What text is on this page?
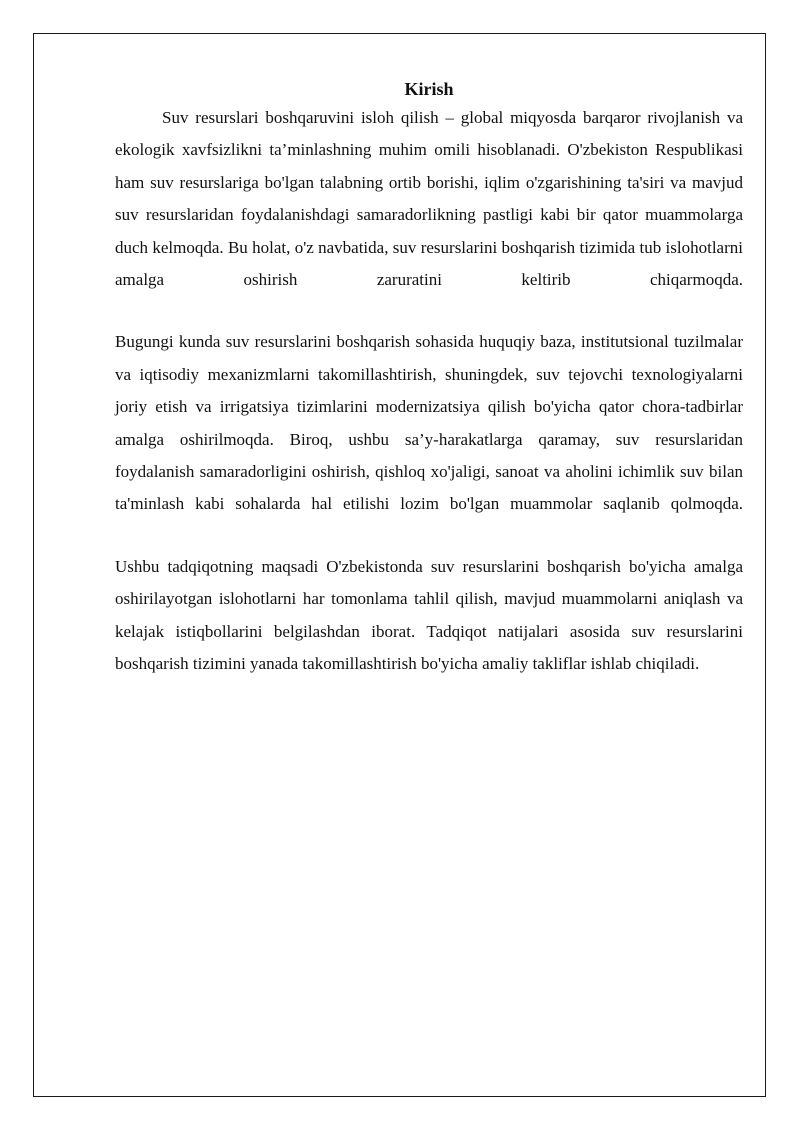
Kirish

Suv resurslari boshqaruvini isloh qilish – global miqyosda barqaror rivojlanish va ekologik xavfsizlikni ta’minlashning muhim omili hisoblanadi. O'zbekiston Respublikasi ham suv resurslariga bo'lgan talabning ortib borishi, iqlim o'zgarishining ta'siri va mavjud suv resurslaridan foydalanishdagi samaradorlikning pastligi kabi bir qator muammolarga duch kelmoqda. Bu holat, o'z navbatida, suv resurslarini boshqarish tizimida tub islohotlarni amalga oshirish zaruratini keltirib chiqarmoqda.

Bugungi kunda suv resurslarini boshqarish sohasida huquqiy baza, institutsional tuzilmalar va iqtisodiy mexanizmlarni takomillashtirish, shuningdek, suv tejovchi texnologiyalarni joriy etish va irrigatsiya tizimlarini modernizatsiya qilish bo'yicha qator chora-tadbirlar amalga oshirilmoqda. Biroq, ushbu sa’y-harakatlarga qaramay, suv resurslaridan foydalanish samaradorligini oshirish, qishloq xo'jaligi, sanoat va aholini ichimlik suv bilan ta'minlash kabi sohalarda hal etilishi lozim bo'lgan muammolar saqlanib qolmoqda.

Ushbu tadqiqotning maqsadi O'zbekistonda suv resurslarini boshqarish bo'yicha amalga oshirilayotgan islohotlarni har tomonlama tahlil qilish, mavjud muammolarni aniqlash va kelajak istiqbollarini belgilashdan iborat. Tadqiqot natijalari asosida suv resurslarini boshqarish tizimini yanada takomillashtirish bo'yicha amaliy takliflar ishlab chiqiladi.
